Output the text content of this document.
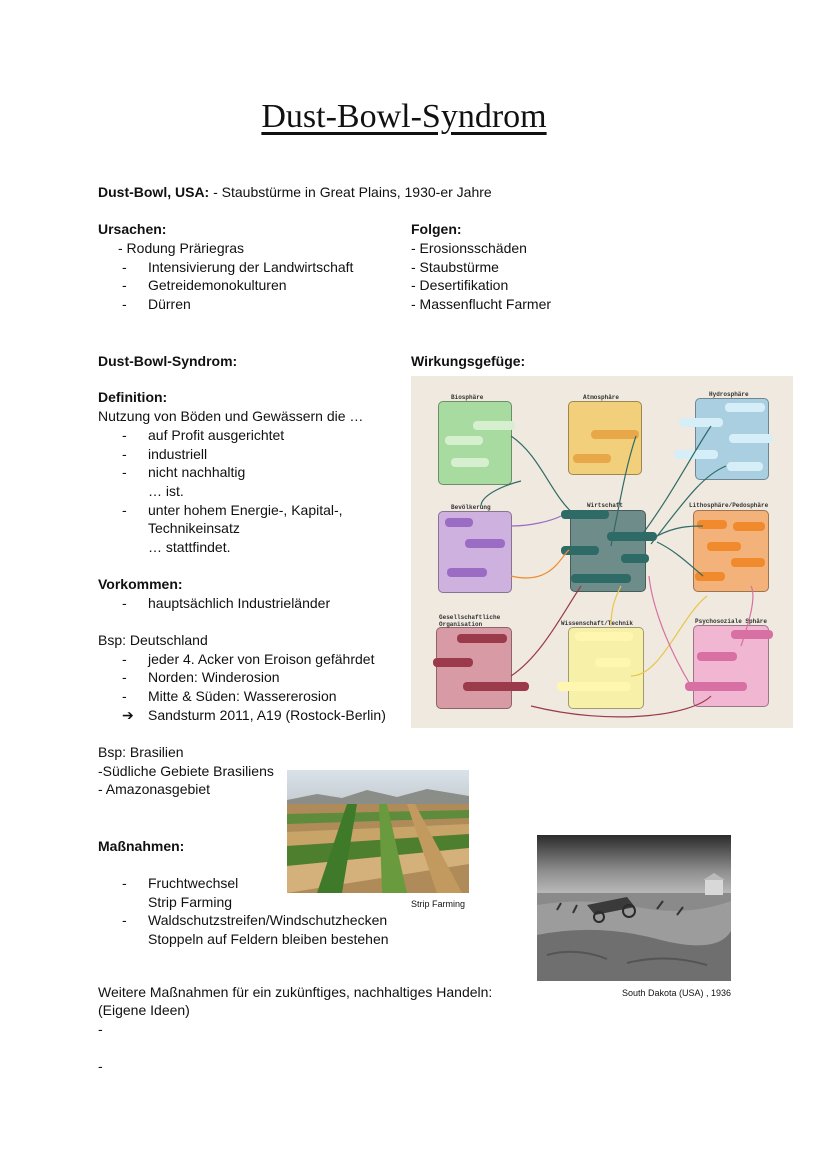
Dust-Bowl-Syndrom
Dust-Bowl, USA: - Staubstürme in Great Plains, 1930-er Jahre
Ursachen:
- Rodung Präriegras
- Intensivierung der Landwirtschaft
- Getreidemonokulturen
- Dürren
Folgen:
- Erosionsschäden
- Staubstürme
- Desertifikation
- Massenflucht Farmer
Dust-Bowl-Syndrom:	Wirkungsgefüge:
Definition:
Nutzung von Böden und Gewässern die …
- auf Profit ausgerichtet
- industriell
- nicht nachhaltig
… ist.
- unter hohem Energie-, Kapital-,
Technikeinsatz
… stattfindet.
Vorkommen:
- hauptsächlich Industrieländer
Bsp: Deutschland
- jeder 4. Acker von Eroison gefährdet
- Norden: Winderosion
- Mitte & Süden: Wassererosion
➔ Sandsturm 2011, A19 (Rostock-Berlin)
Bsp: Brasilien
-Südliche Gebiete Brasiliens
- Amazonasgebiet
Maßnahmen:
- Fruchtwechsel
Strip Farming
- Waldschutzstreifen/Windschutzhecken
Stoppeln auf Feldern bleiben bestehen
Weitere Maßnahmen für ein zukünftiges, nachhaltiges Handeln:
(Eigene Ideen)
-
-
Strip Farming
South Dakota (USA) , 1936
Biosphäre	Atmosphäre	Hydrosphäre
Bevölkerung	Wirtschaft	Lithosphäre/Pedosphäre
Gesellschaftliche
Organisation	Wissenschaft/Technik	Psychosoziale Sphäre
